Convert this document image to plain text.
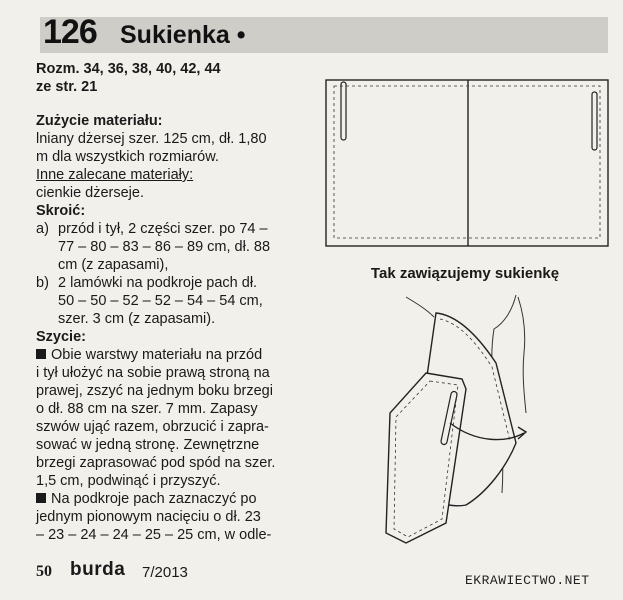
126 Sukienka •

Rozm. 34, 36, 38, 40, 42, 44

ze str. 21

Zużycie materiału:

lniany dżersej szer. 125 cm, dł. 1,80

m dla wszystkich rozmiarów.

Inne zalecane materiały:

cienkie dżerseje.

Skroić:

a) przód i tył, 2 części szer. po 74 –
77 – 80 – 83 – 86 – 89 cm, dł. 88
cm (z zapasami),
b) 2 lamówki na podkroje pach dł.
50 – 50 – 52 – 52 – 54 – 54 cm,
szer. 3 cm (z zapasami).

Szycie:

Obie warstwy materiału na przód
i tył ułożyć na sobie prawą stroną na
prawej, zszyć na jednym boku brzegi
o dł. 88 cm na szer. 7 mm. Zapasy
szwów ująć razem, obrzucić i zapra-
sować w jedną stronę. Zewnętrzne
brzegi zaprasować pod spód na szer.
1,5 cm, podwinąć i przyszyć.
Na podkroje pach zaznaczyć po
jednym pionowym nacięciu o dł. 23
– 23 – 24 – 24 – 25 – 25 cm, w odle-
Tak zawiązujemy sukienkę
50 burda 7/2013	EKRAWIECTWO.NET
